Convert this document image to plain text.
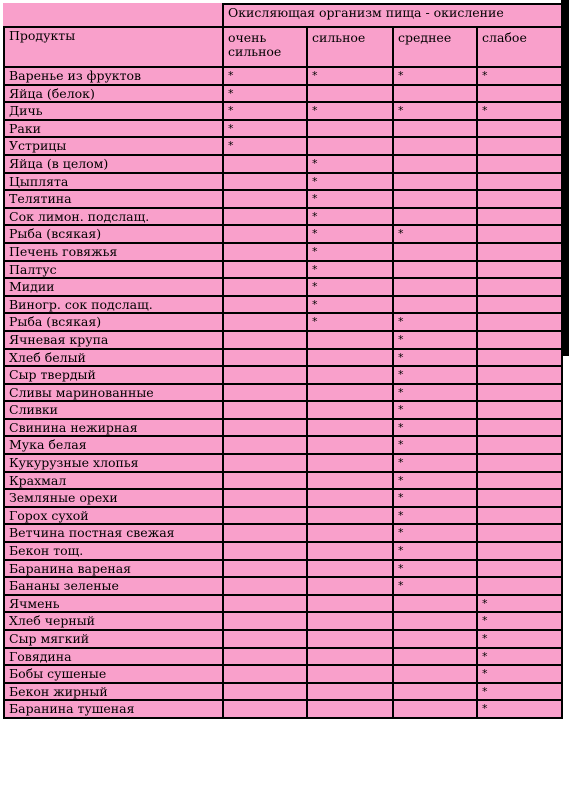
	Окисляющая организм пища - окисление			
Продукты	очень сильное	сильное	среднее	слабое
Варенье из фруктов	*	*	*	*
Яйца (белок)	*			
Дичь	*	*	*	*
Раки	*			
Устрицы	*			
Яйца (в целом)		*		
Цыплята		*		
Телятина		*		
Сок лимон. подслащ.		*		
Рыба (всякая)		*	*	
Печень говяжья		*		
Палтус		*		
Мидии		*		
Виногр. сок подслащ.		*		
Рыба (всякая)		*	*	
Ячневая крупа			*	
Хлеб белый			*	
Сыр твердый			*	
Сливы маринованные			*	
Сливки			*	
Свинина нежирная			*	
Мука белая			*	
Кукурузные хлопья			*	
Крахмал			*	
Земляные орехи			*	
Горох сухой			*	
Ветчина постная свежая			*	
Бекон тощ.			*	
Баранина вареная			*	
Бананы зеленые			*	
Ячмень				*
Хлеб черный				*
Сыр мягкий				*
Говядина				*
Бобы сушеные				*
Бекон жирный				*
Баранина тушеная				*
